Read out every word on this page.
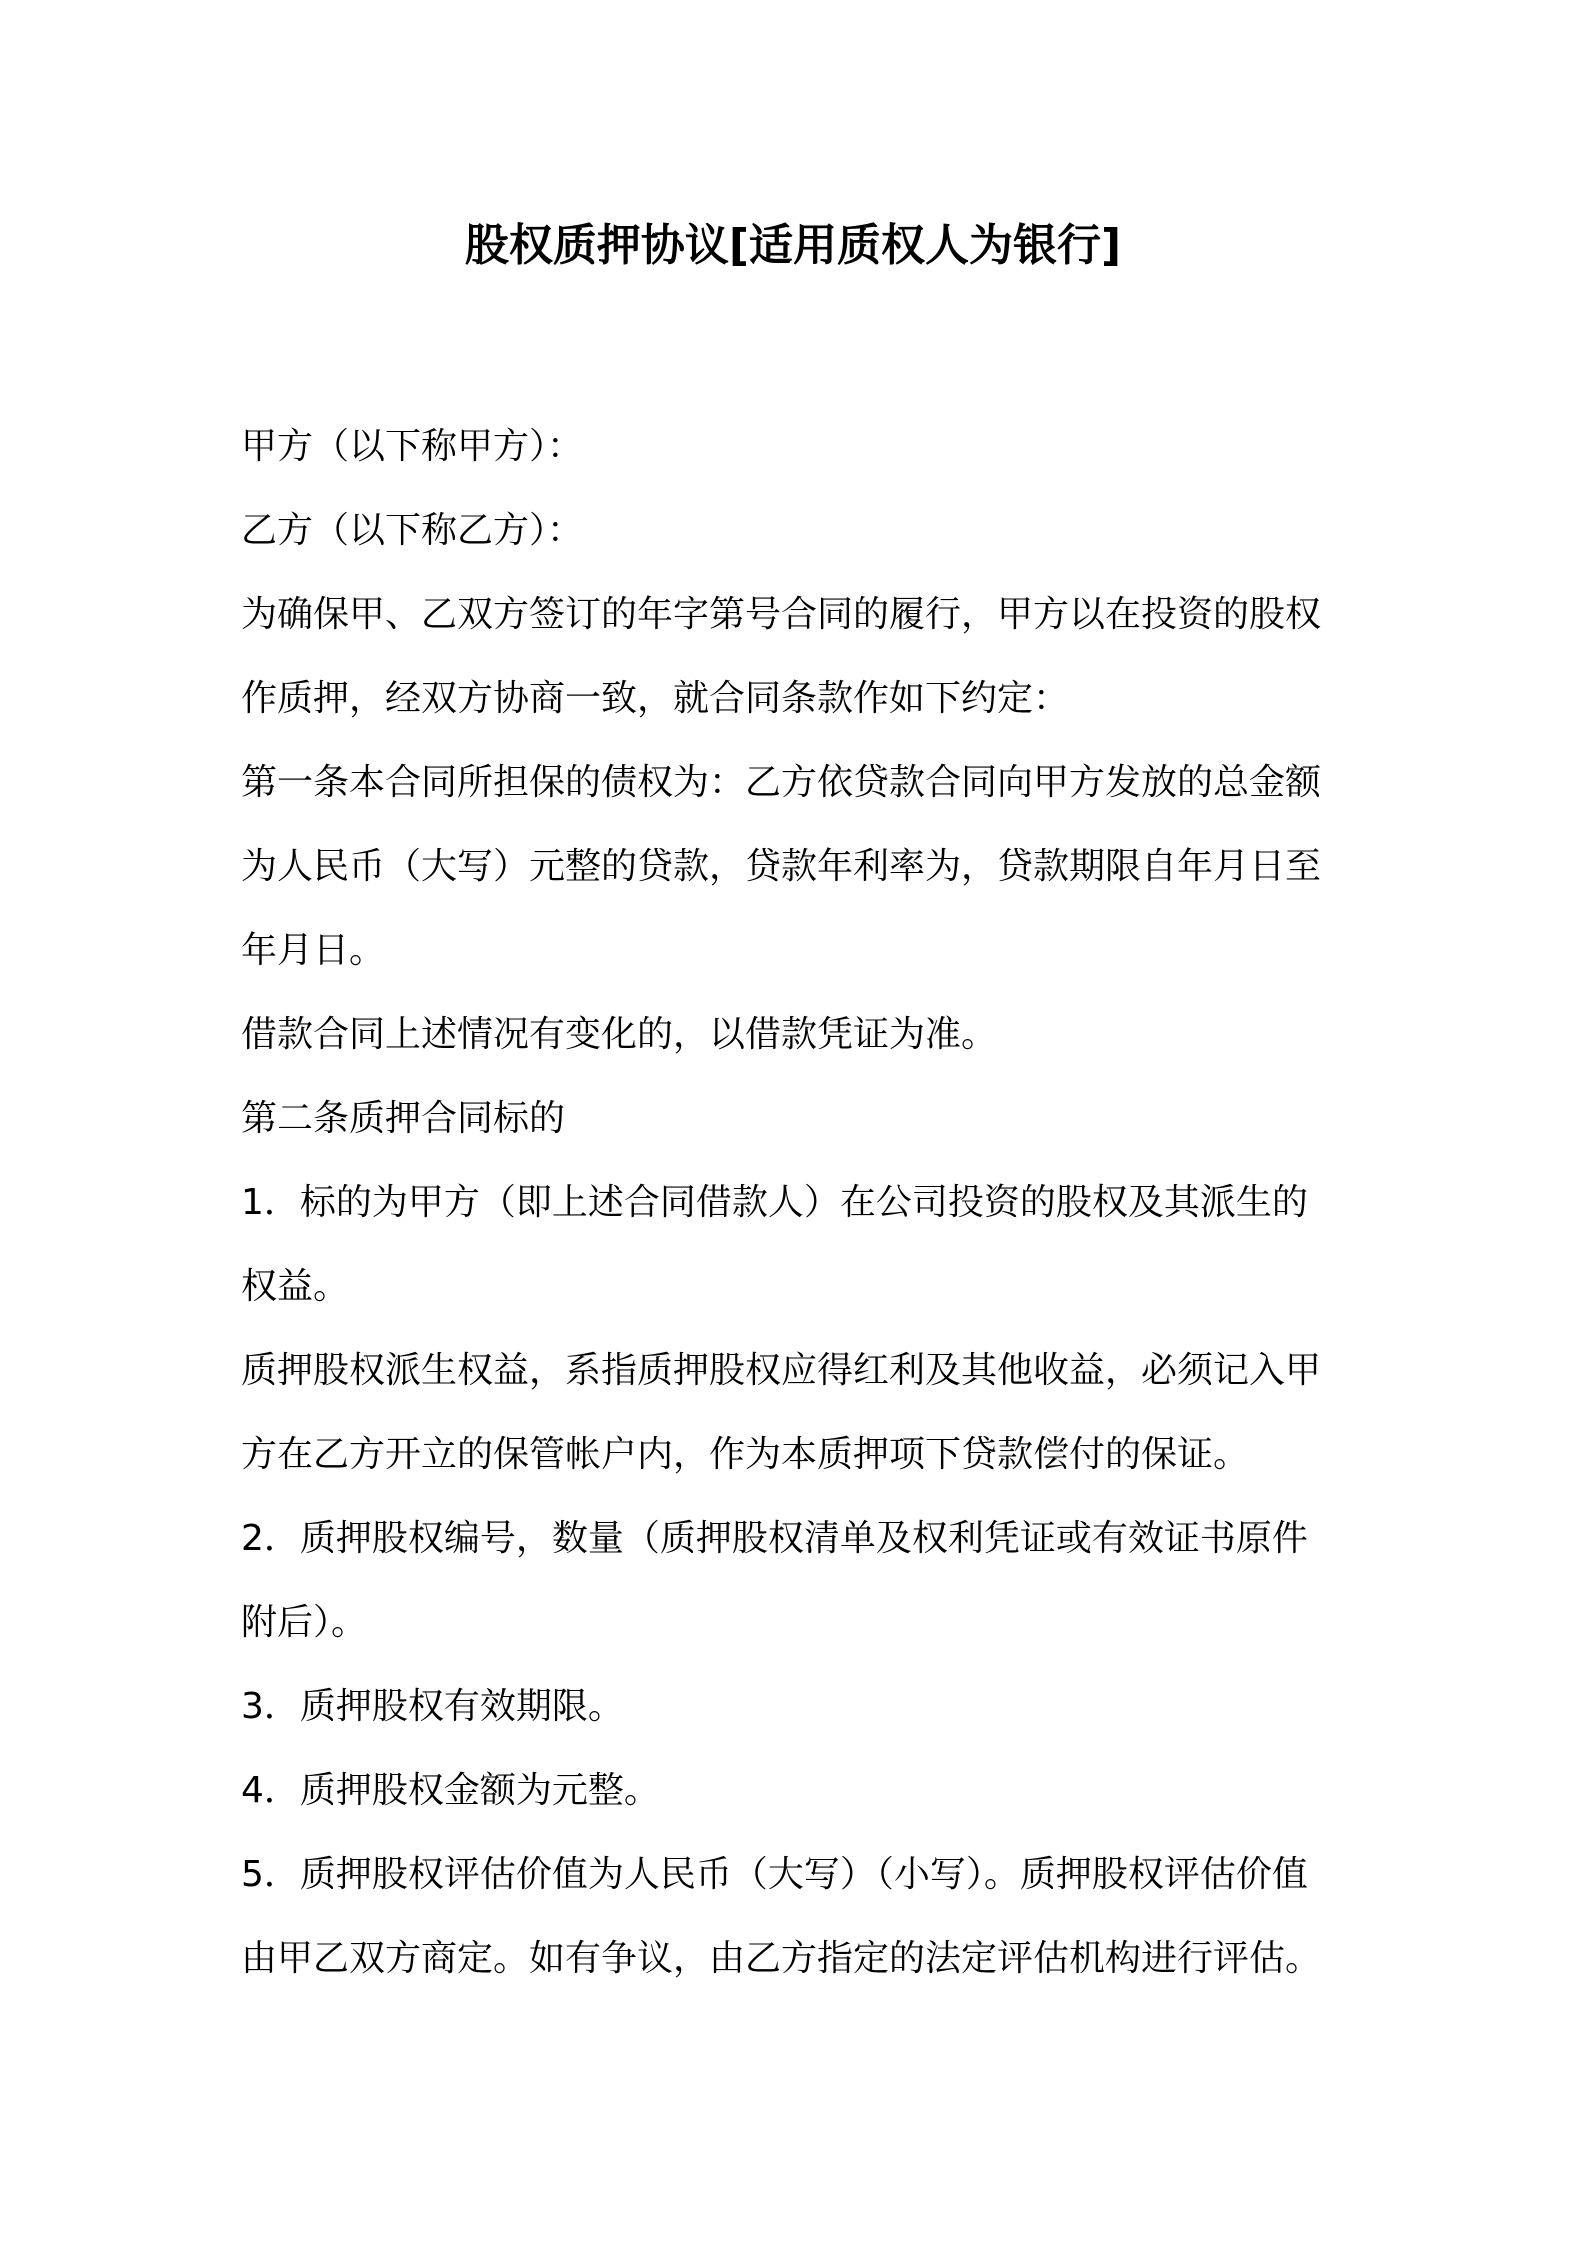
股权质押协议[适用质权人为银行]

甲方（以下称甲方）：

乙方（以下称乙方）：

为确保甲、乙双方签订的年字第号合同的履行，甲方以在投资的股权

作质押，经双方协商一致，就合同条款作如下约定：

第一条本合同所担保的债权为：乙方依贷款合同向甲方发放的总金额

为人民币（大写）元整的贷款，贷款年利率为，贷款期限自年月日至

年月日。

借款合同上述情况有变化的，以借款凭证为准。

第二条质押合同标的

1．标的为甲方（即上述合同借款人）在公司投资的股权及其派生的

权益。

质押股权派生权益，系指质押股权应得红利及其他收益，必须记入甲

方在乙方开立的保管帐户内，作为本质押项下贷款偿付的保证。

2．质押股权编号，数量（质押股权清单及权利凭证或有效证书原件

附后）。

3．质押股权有效期限。

4．质押股权金额为元整。

5．质押股权评估价值为人民币（大写）（小写）。质押股权评估价值

由甲乙双方商定。如有争议，由乙方指定的法定评估机构进行评估。
